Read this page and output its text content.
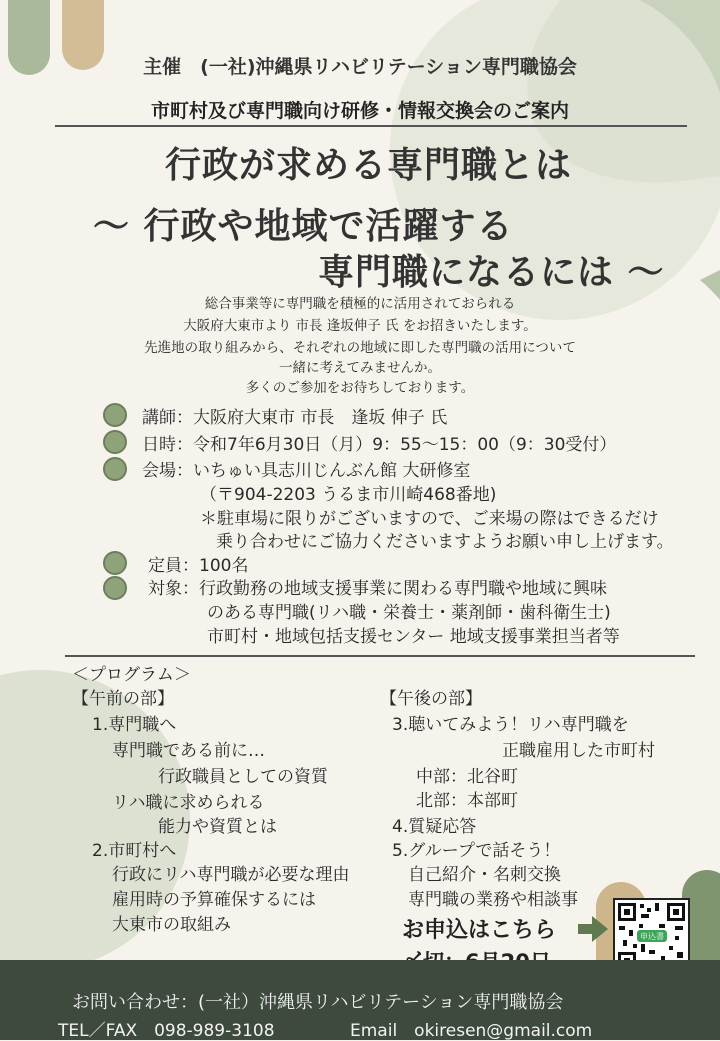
主催　(一社)沖縄県リハビリテーション専門職協会
市町村及び専門職向け研修・情報交換会のご案内
行政が求める専門職とは
～ 行政や地域で活躍する
専門職になるには ～
総合事業等に専門職を積極的に活用されておられる
大阪府大東市より 市長 逢坂伸子 氏 をお招きいたします。
先進地の取り組みから、それぞれの地域に即した専門職の活用について
一緒に考えてみませんか。
多くのご参加をお待ちしております。
講師：大阪府大東市 市長　逢坂 伸子 氏
日時：令和7年6月30日（月）9：55～15：00（9：30受付）
会場：いちゅい具志川じんぶん館 大研修室
（〒904-2203 うるま市川崎468番地)
＊駐車場に限りがございますので、ご来場の際はできるだけ
乗り合わせにご協力くださいますようお願い申し上げます。
定員：100名
対象：行政勤務の地域支援事業に関わる専門職や地域に興味
のある専門職(リハ職・栄養士・薬剤師・歯科衛生士)
市町村・地域包括支援センター 地域支援事業担当者等
＜プログラム＞
【午前の部】
1.専門職へ
専門職である前に…
行政職員としての資質
リハ職に求められる
能力や資質とは
2.市町村へ
行政にリハ専門職が必要な理由
雇用時の予算確保するには
大東市の取組み
【午後の部】
3.聴いてみよう！リハ専門職を
正職雇用した市町村
中部：北谷町
北部：本部町
4.質疑応答
5.グループで話そう！
自己紹介・名刺交換
専門職の業務や相談事
お申込はこちら	申込書
お問い合わせ：(一社）沖縄県リハビリテーション専門職協会
TEL／FAX　098-989-3108	Email　okiresen@gmail.com
